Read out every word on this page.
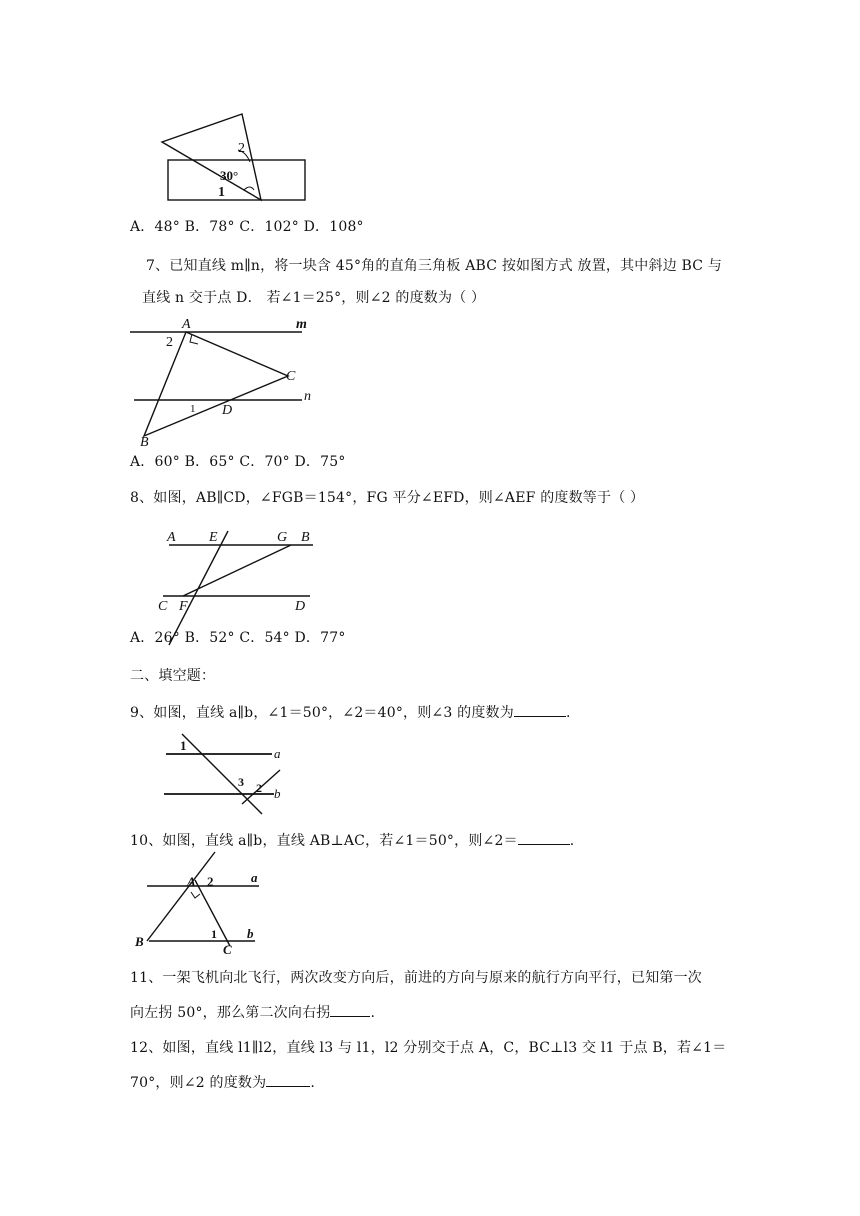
2
30°
1
A．48° B．78° C．102° D．108°
7、已知直线 m∥n，将一块含 45°角的直角三角板 ABC 按如图方式 放置，其中斜边 BC 与
直线 n 交于点 D． 若∠1＝25°，则∠2 的度数为（ ）
A	m
2
C
n
1 D
B
A．60° B．65° C．70° D．75°
8、如图，AB∥CD，∠FGB＝154°，FG 平分∠EFD，则∠AEF 的度数等于（ ）
A E	G B
C F	D
A．26° B．52° C．54° D．77°
二、填空题：
9、如图，直线 a∥b，∠1＝50°，∠2＝40°，则∠3 的度数为	.
1
a
3 2 b
10、如图，直线 a∥b，直线 AB⊥AC，若∠1＝50°，则∠2＝	.
A 2	a
B	1
C
b
11、一架飞机向北飞行，两次改变方向后，前进的方向与原来的航行方向平行，已知第一次
向左拐 50°，那么第二次向右拐	.
12、如图，直线 l1∥l2，直线 l3 与 l1，l2 分别交于点 A，C，BC⊥l3 交 l1 于点 B，若∠1＝
70°，则∠2 的度数为	.
